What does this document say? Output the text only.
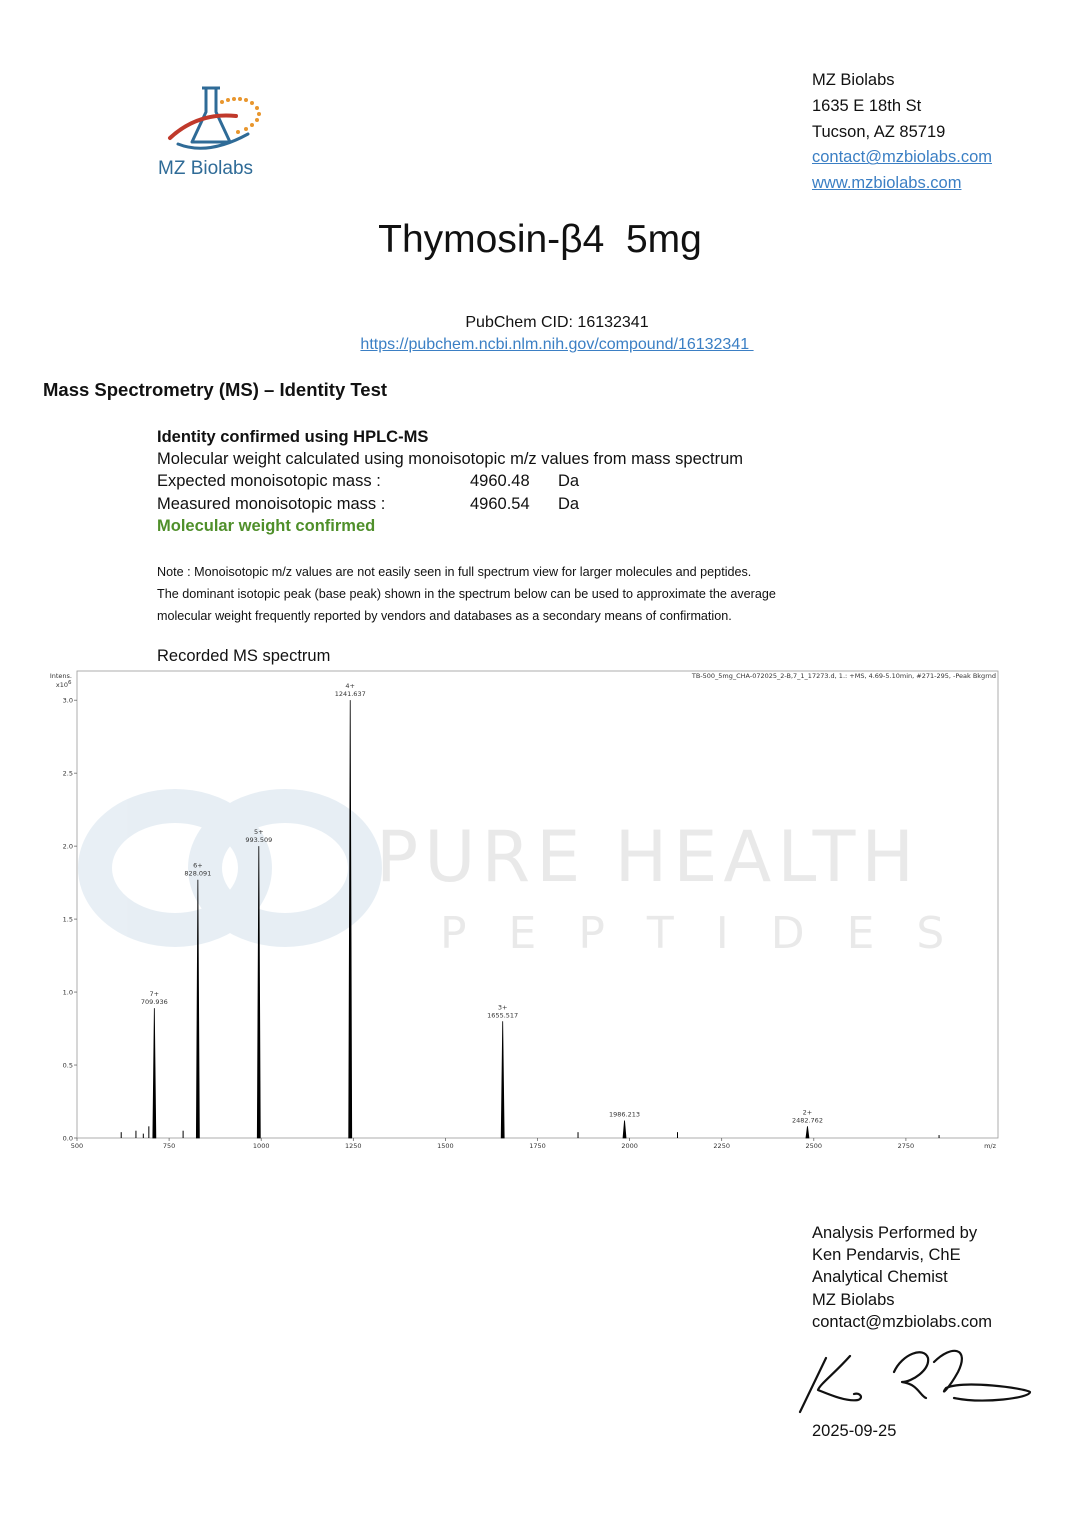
MZ Biolabs
MZ Biolabs
1635 E 18th St
Tucson, AZ 85719
contact@mzbiolabs.com
www.mzbiolabs.com
Thymosin-β4  5mg
PubChem CID: 16132341
https://pubchem.ncbi.nlm.nih.gov/compound/16132341
Mass Spectrometry (MS) – Identity Test
Identity confirmed using HPLC-MS
Molecular weight calculated using monoisotopic m/z values from mass spectrum
Expected monoisotopic mass :	4960.48 Da
Measured monoisotopic mass :	4960.54 Da
Molecular weight confirmed
Note : Monoisotopic m/z values are not easily seen in full spectrum view for larger molecules and peptides.
The dominant isotopic peak (base peak) shown in the spectrum below can be used to approximate the average
molecular weight frequently reported by vendors and databases as a secondary means of confirmation.
Recorded MS spectrum
PURE HEALTH
PEPTIDES
TB-500_5mg_CHA-072025_2-B,7_1_17273.d, 1.: +MS, 4.69-5.10min, #271-295, -Peak Bkgrnd
Intens.
x10 6
m/z
500	750	1000	1250	1500	1750	2000	2250	2500	2750
0.0
0.5
1.0
1.5
2.0
2.5
3.0
709.936
7+
828.091
6+
993.509
5+
1241.637
4+
1655.517
3+
1986.213
2482.762
2+
Analysis Performed by
Ken Pendarvis, ChE
Analytical Chemist
MZ Biolabs
contact@mzbiolabs.com
2025-09-25
